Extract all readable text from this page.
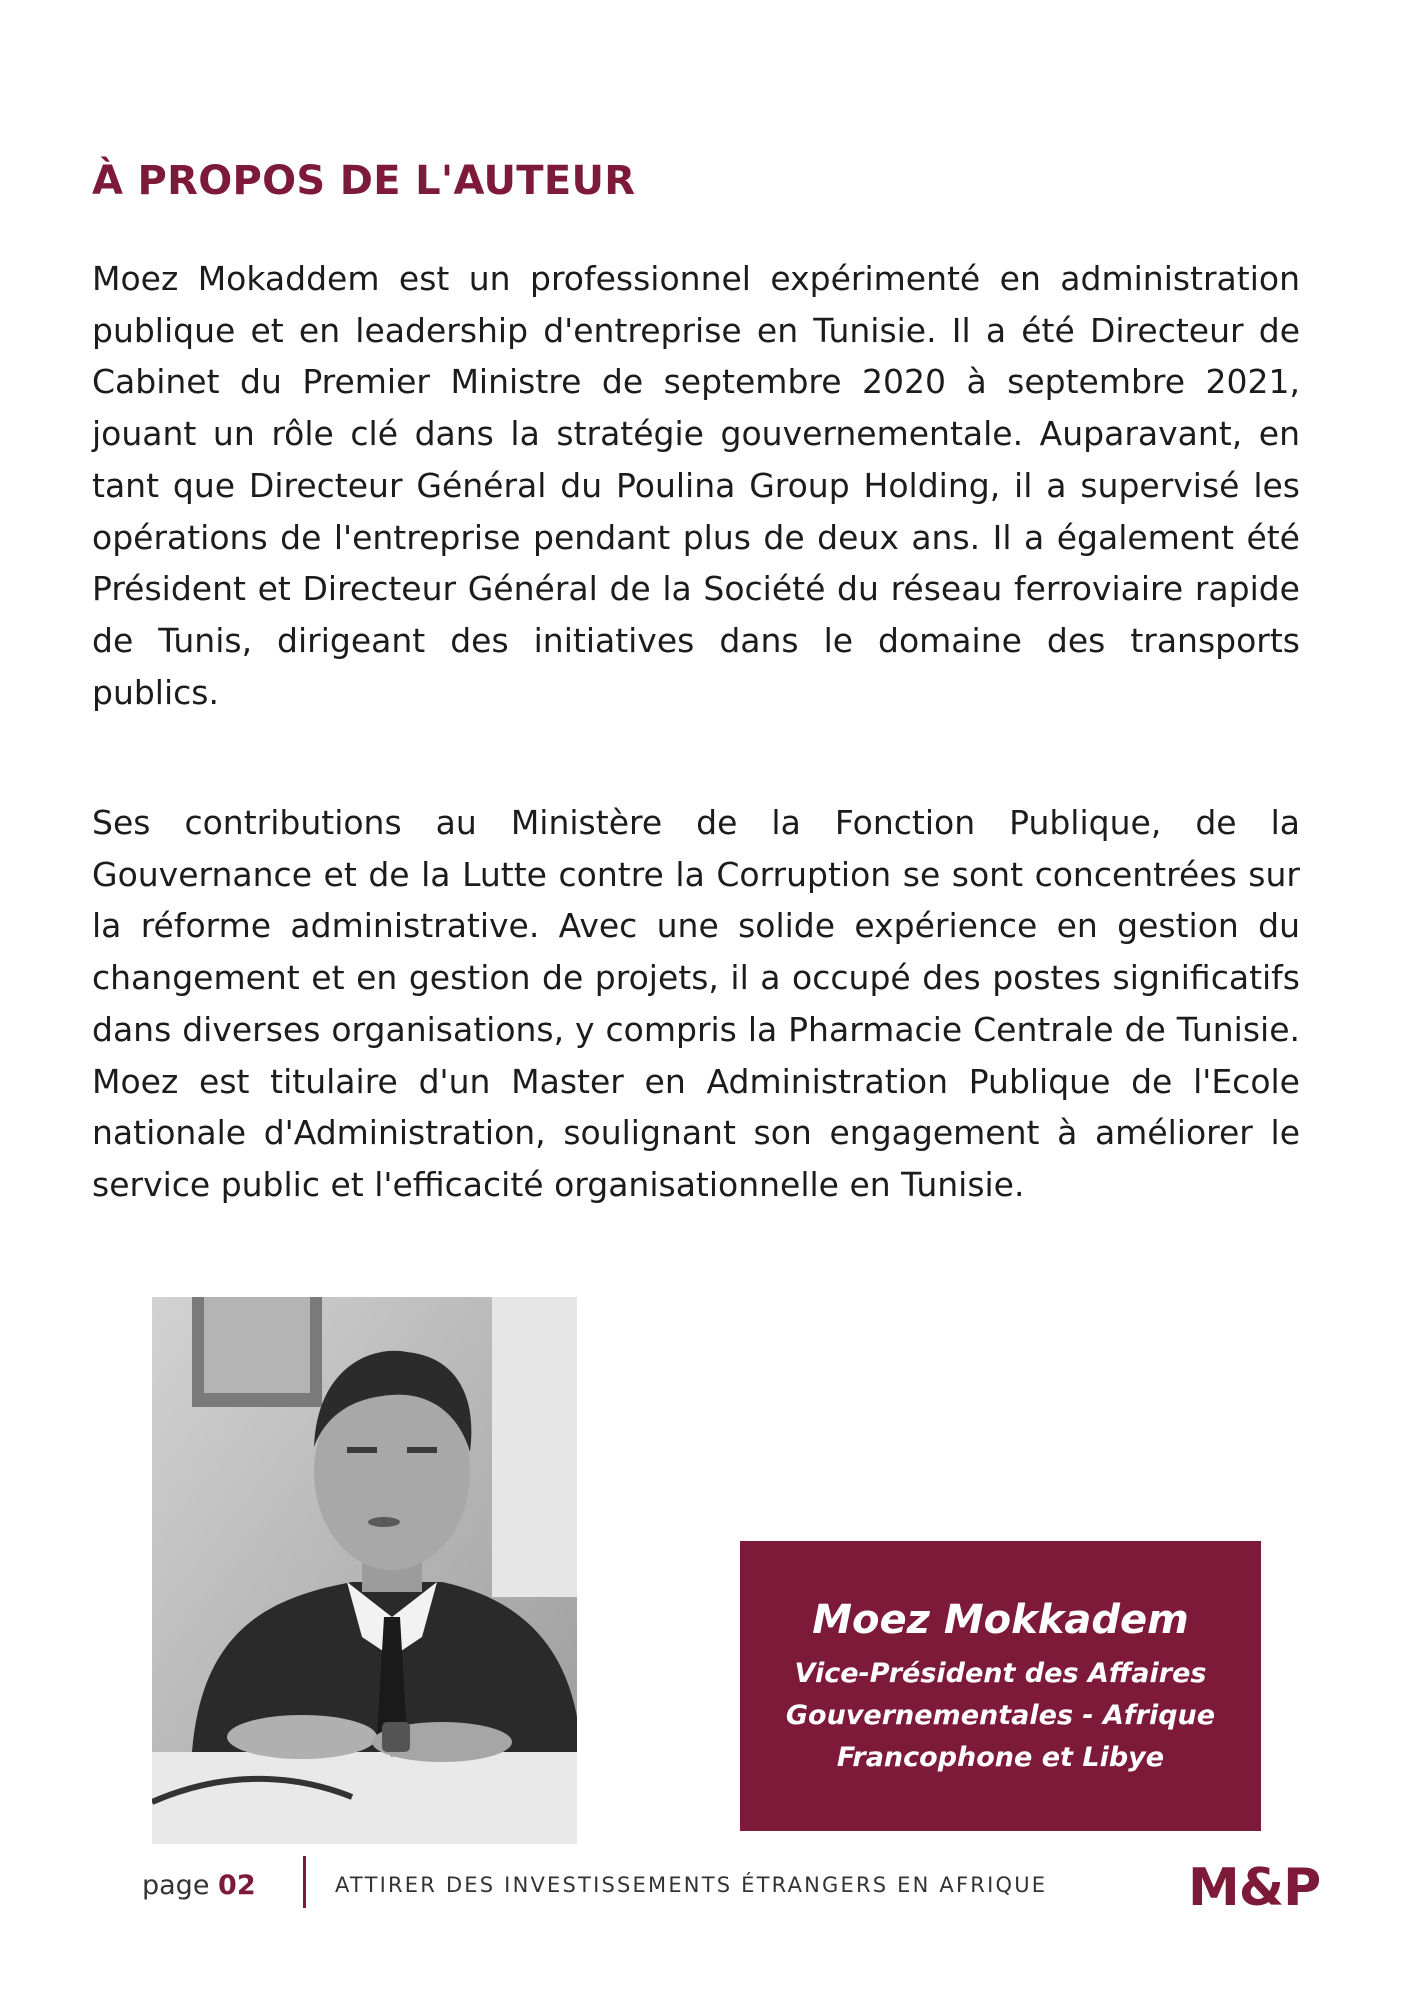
À PROPOS DE L'AUTEUR

Moez Mokaddem est un professionnel expérimenté en administration publique et en leadership d'entreprise en Tunisie. Il a été Directeur de Cabinet du Premier Ministre de septembre 2020 à septembre 2021, jouant un rôle clé dans la stratégie gouvernementale. Auparavant, en tant que Directeur Général du Poulina Group Holding, il a supervisé les opérations de l'entreprise pendant plus de deux ans. Il a également été Président et Directeur Général de la Société du réseau ferroviaire rapide de Tunis, dirigeant des initiatives dans le domaine des transports publics.

Ses contributions au Ministère de la Fonction Publique, de la Gouvernance et de la Lutte contre la Corruption se sont concentrées sur la réforme administrative. Avec une solide expérience en gestion du changement et en gestion de projets, il a occupé des postes significatifs dans diverses organisations, y compris la Pharmacie Centrale de Tunisie. Moez est titulaire d'un Master en Administration Publique de l'Ecole nationale d'Administration, soulignant son engagement à améliorer le service public et l'efficacité organisationnelle en Tunisie.

Moez Mokkadem
Vice-Président des Affaires Gouvernementales - Afrique Francophone et Libye
page 02	ATTIRER DES INVESTISSEMENTS ÉTRANGERS EN AFRIQUE	M&P
